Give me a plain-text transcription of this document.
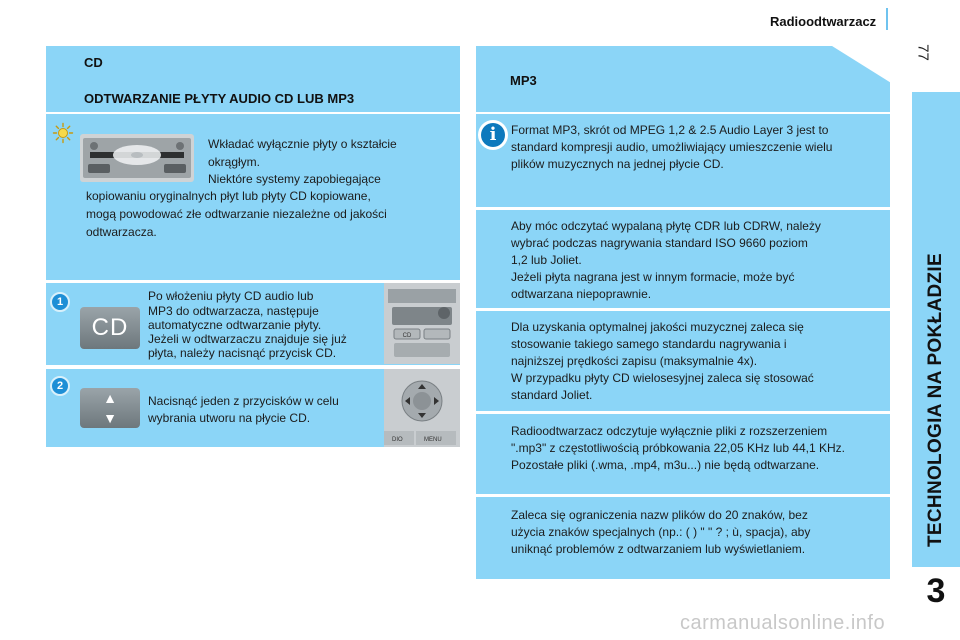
Radioodtwarzacz
77
TECHNOLOGIA NA POKŁADZIE
3
CD
ODTWARZANIE PŁYTY AUDIO CD LUB MP3
Wkładać wyłącznie płyty o kształcie
okrągłym.
Niektóre systemy zapobiegające
kopiowaniu oryginalnych płyt lub płyty CD kopiowane,
mogą powodować złe odtwarzanie niezależne od jakości
odtwarzacza.
1
CD
Po włożeniu płyty CD audio lub
MP3 do odtwarzacza, następuje
automatyczne odtwarzanie płyty.
Jeżeli w odtwarzaczu znajduje się już
płyta, należy nacisnąć przycisk CD.
CD
2
▲
▼
Nacisnąć jeden z przycisków w celu
wybrania utworu na płycie CD.
DIO	MENU
MP3
i	Format MP3, skrót od MPEG 1,2 & 2.5 Audio Layer 3 jest to
standard kompresji audio, umożliwiający umieszczenie wielu
plików muzycznych na jednej płycie CD.
Aby móc odczytać wypalaną płytę CDR lub CDRW, należy
wybrać podczas nagrywania standard ISO 9660 poziom
1,2 lub Joliet.
Jeżeli płyta nagrana jest w innym formacie, może być
odtwarzana niepoprawnie.
Dla uzyskania optymalnej jakości muzycznej zaleca się
stosowanie takiego samego standardu nagrywania i
najniższej prędkości zapisu (maksymalnie 4x).
W przypadku płyty CD wielosesyjnej zaleca się stosować
standard Joliet.
Radioodtwarzacz odczytuje wyłącznie pliki z rozszerzeniem
".mp3" z częstotliwością próbkowania 22,05 KHz lub 44,1 KHz.
Pozostałe pliki (.wma, .mp4, m3u...) nie będą odtwarzane.
Zaleca się ograniczenia nazw plików do 20 znaków, bez
użycia znaków specjalnych (np.: ( ) " " ? ; ù, spacja), aby
uniknąć problemów z odtwarzaniem lub wyświetlaniem.
carmanualsonline.info
